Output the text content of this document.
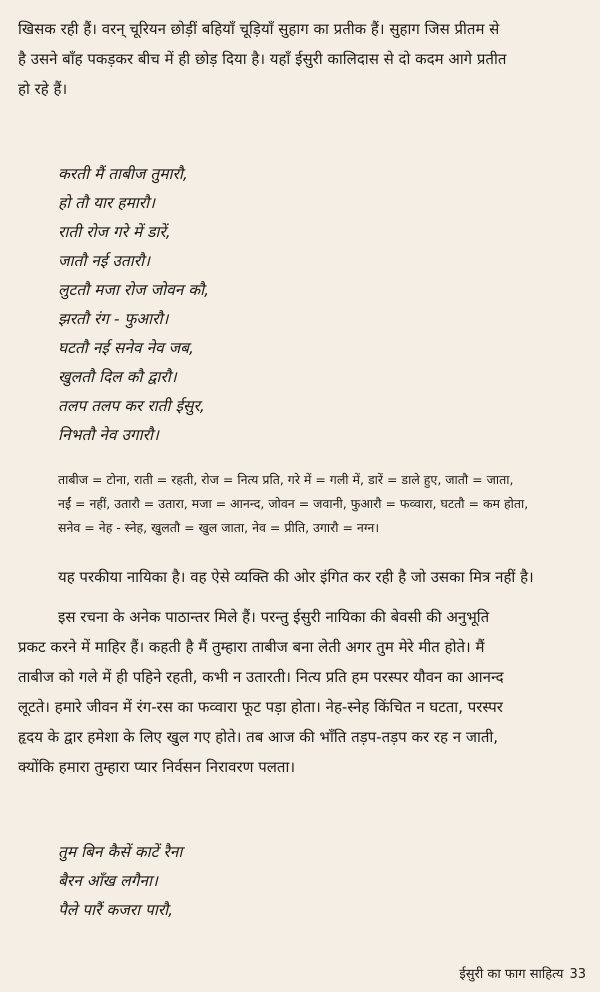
खिसक रही हैं। वरन् चूरियन छोड़ीं बहियाँ चूड़ियाँ सुहाग का प्रतीक हैं। सुहाग जिस प्रीतम से
है उसने बाँह पकड़कर बीच में ही छोड़ दिया है। यहाँ ईसुरी कालिदास से दो कदम आगे प्रतीत
हो रहे हैं।
करती मैं ताबीज तुमारौ,
हो तौ यार हमारौ।
राती रोज गरे में डारें,
जातौ नई उतारौ।
लुटतौ मजा रोज जोवन कौ,
झरतौ रंग - फुआरौ।
घटतौ नई सनेव नेव जब,
खुलतौ दिल कौ द्वारौ।
तलप तलप कर राती ईसुर,
निभतौ नेव उगारौ।
ताबीज = टोना, राती = रहती, रोज = नित्य प्रति, गरे में = गली में, डारें = डाले हुए, जातौ = जाता,
नईं = नहीं, उतारौ = उतारा, मजा = आनन्द, जोवन = जवानी, फुआरौ = फव्वारा, घटतौ = कम होता,
सनेव = नेह - स्नेह, खुलतौ = खुल जाता, नेव = प्रीति, उगारौ = नग्न।
यह परकीया नायिका है। वह ऐसे व्यक्ति की ओर इंगित कर रही है जो उसका मित्र नहीं है।
इस रचना के अनेक पाठान्तर मिले हैं। परन्तु ईसुरी नायिका की बेवसी की अनुभूति
प्रकट करने में माहिर हैं। कहती है मैं तुम्हारा ताबीज बना लेती अगर तुम मेरे मीत होते। मैं
ताबीज को गले में ही पहिने रहती, कभी न उतारती। नित्य प्रति हम परस्पर यौवन का आनन्द
लूटते। हमारे जीवन में रंग-रस का फव्वारा फूट पड़ा होता। नेह-स्नेह किंचित न घटता, परस्पर
हृदय के द्वार हमेशा के लिए खुल गए होते। तब आज की भाँति तड़प-तड़प कर रह न जाती,
क्योंकि हमारा तुम्हारा प्यार निर्वसन निरावरण पलता।
तुम बिन कैसें काटें रैना
बैरन आँख लगैना।
पैले पारैं कजरा पारौ,
ईसुरी का फाग साहित्य 33
